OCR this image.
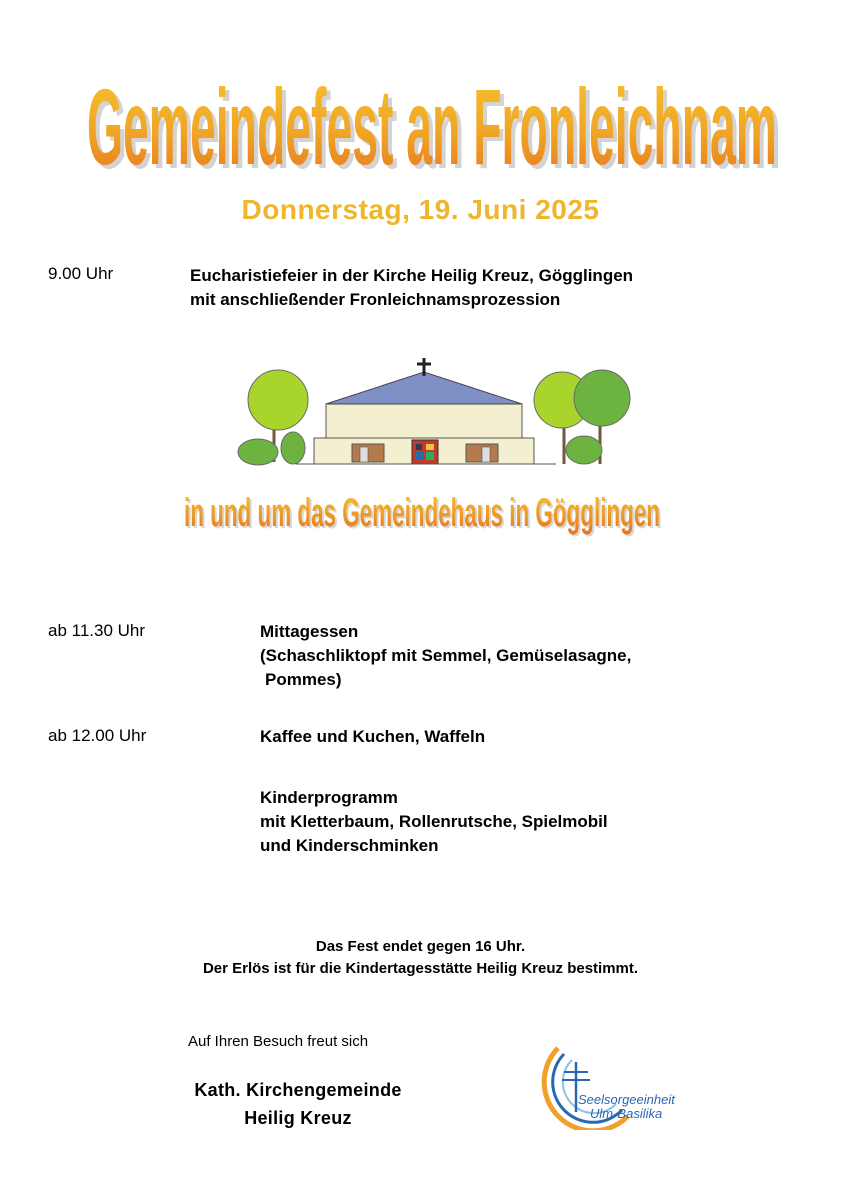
Gemeindefest an Fronleichnam
Gemeindefest an Fronleichnam
Donnerstag, 19. Juni 2025
9.00 Uhr	Eucharistiefeier in der Kirche Heilig Kreuz, Gögglingen
mit anschließender Fronleichnamsprozession
in und um das Gemeindehaus in Gögglingen
in und um das Gemeindehaus in Gögglingen
ab 11.30 Uhr	Mittagessen
(Schaschliktopf mit Semmel, Gemüselasagne,
Pommes)
ab 12.00 Uhr	Kaffee und Kuchen, Waffeln
Kinderprogramm
mit Kletterbaum, Rollenrutsche, Spielmobil
und Kinderschminken
Das Fest endet gegen 16 Uhr.
Der Erlös ist für die Kindertagesstätte Heilig Kreuz bestimmt.
Auf Ihren Besuch freut sich
Kath. Kirchengemeinde
Heilig Kreuz
Seelsorgeeinheit
Ulm-Basilika
